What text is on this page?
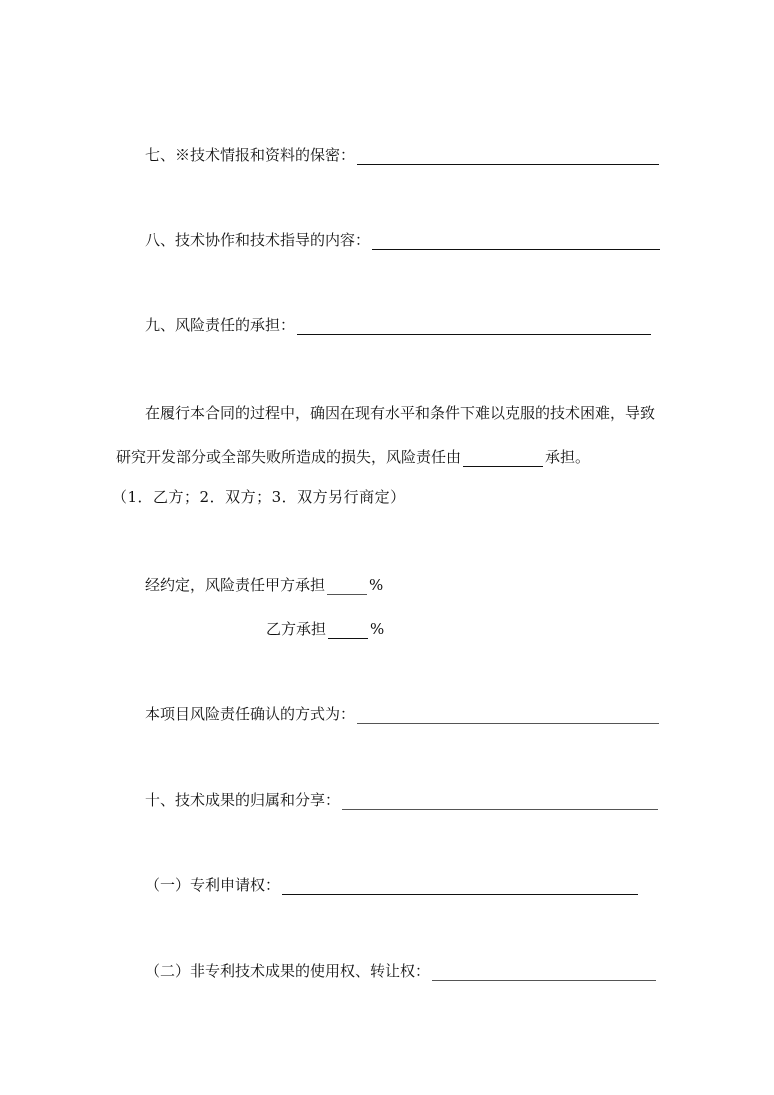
七、※技术情报和资料的保密：
八、技术协作和技术指导的内容：
九、风险责任的承担：
在履行本合同的过程中，确因在现有水平和条件下难以克服的技术困难，导致
研究开发部分或全部失败所造成的损失，风险责任由	承担。
（1．乙方；2．双方；3．双方另行商定）
经约定，风险责任甲方承担	%
乙方承担	%
本项目风险责任确认的方式为：
十、技术成果的归属和分享：
（一）专利申请权：
（二）非专利技术成果的使用权、转让权：
